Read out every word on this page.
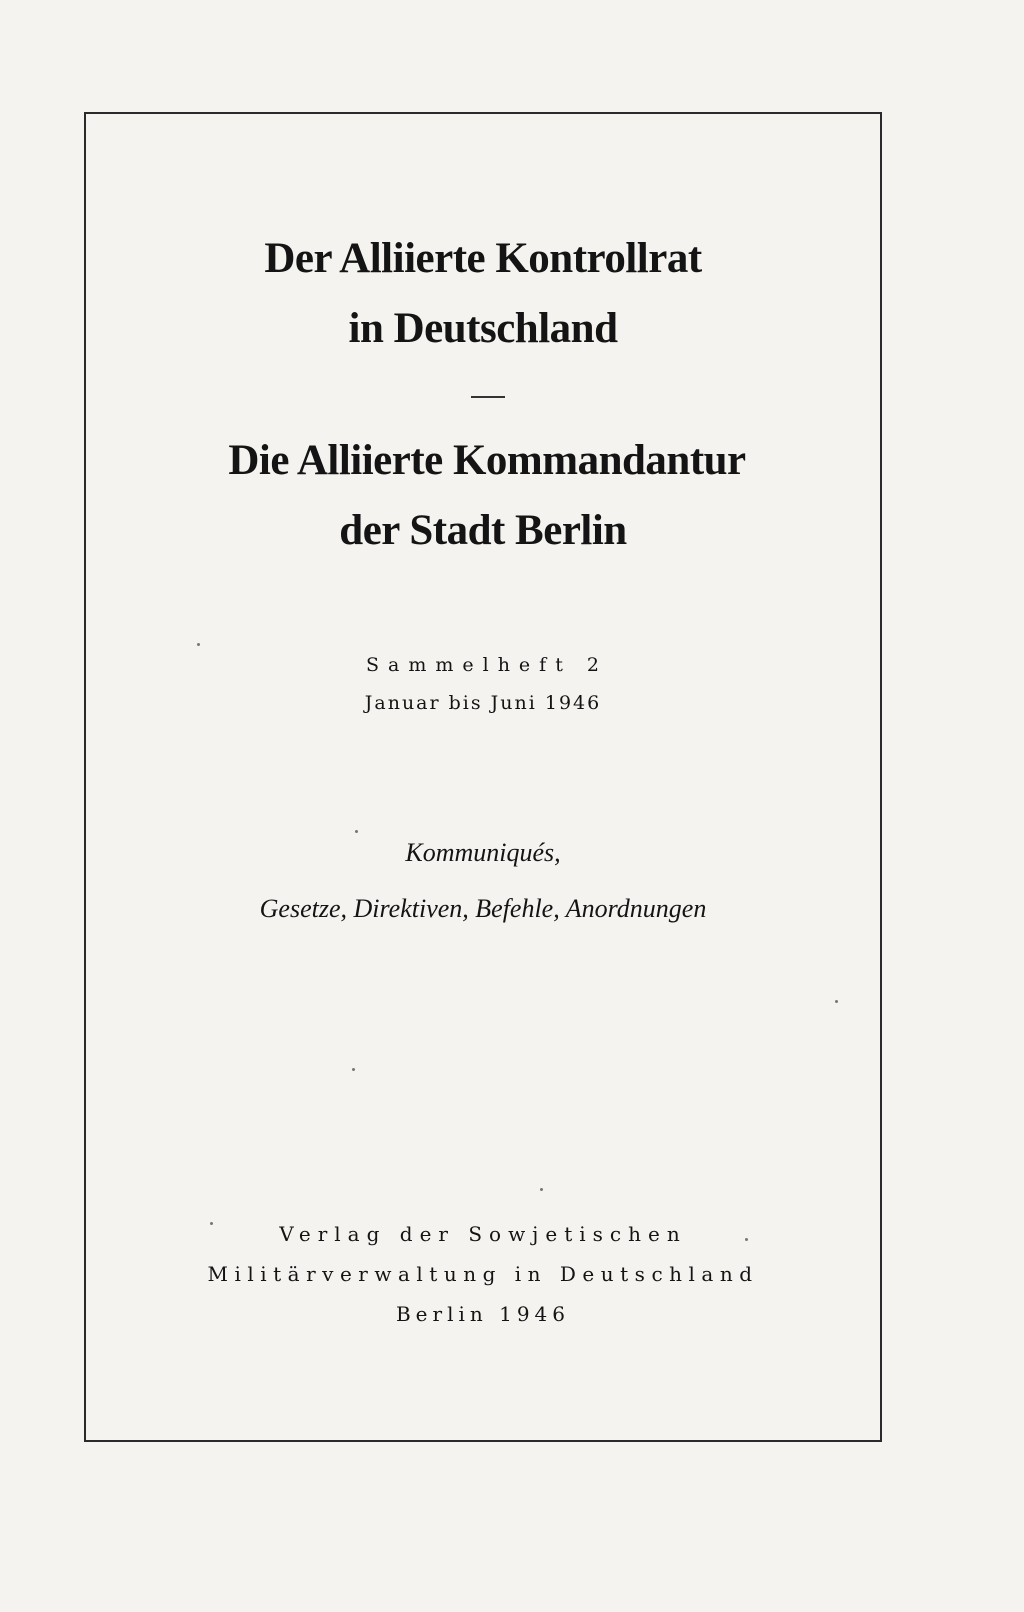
Der Alliierte Kontrollrat
in Deutschland
Die Alliierte Kommandantur
der Stadt Berlin
Sammelheft 2
Januar bis Juni 1946
Kommuniqués,
Gesetze, Direktiven, Befehle, Anordnungen
Verlag der Sowjetischen
Militärverwaltung in Deutschland
Berlin 1946
